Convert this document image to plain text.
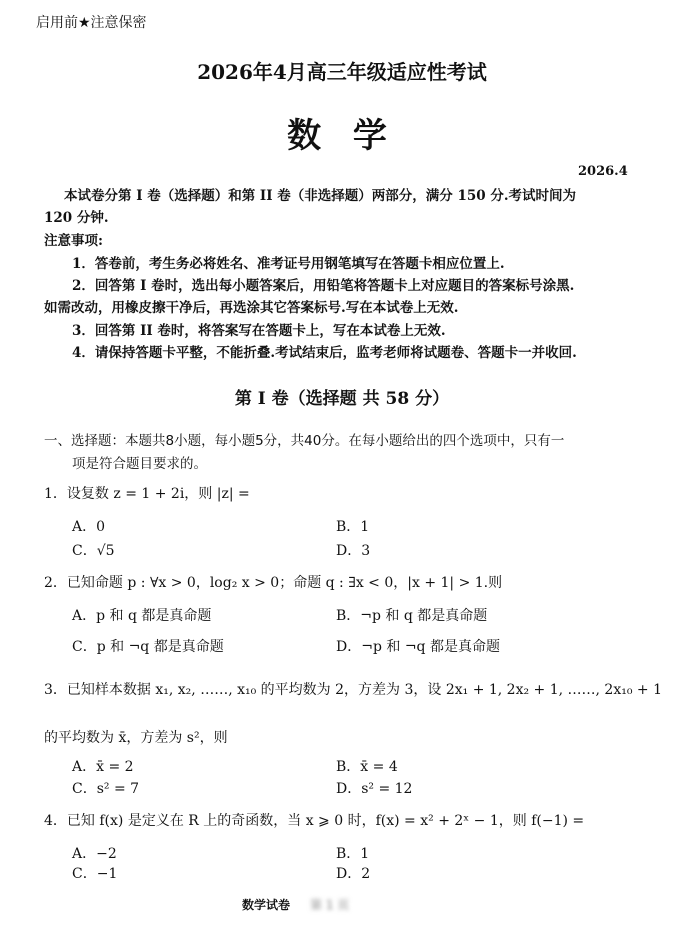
启用前★注意保密
2026年4月高三年级适应性考试
数 学
2026.4
本试卷分第 I 卷（选择题）和第 II 卷（非选择题）两部分，满分 150 分.考试时间为
120 分钟.
注意事项:
1．答卷前，考生务必将姓名、准考证号用钢笔填写在答题卡相应位置上.
2．回答第 I 卷时，选出每小题答案后，用铅笔将答题卡上对应题目的答案标号涂黑.
如需改动，用橡皮擦干净后，再选涂其它答案标号.写在本试卷上无效.
3．回答第 II 卷时，将答案写在答题卡上，写在本试卷上无效.
4．请保持答题卡平整，不能折叠.考试结束后，监考老师将试题卷、答题卡一并收回.
第 I 卷（选择题 共 58 分）
一、选择题：本题共8小题，每小题5分，共40分。在每小题给出的四个选项中，只有一
项是符合题目要求的。
1．设复数 z = 1 + 2i，则 |z| =
A．0	B．1
C．√5	D．3
2．已知命题 p : ∀x > 0，log₂ x > 0；命题 q : ∃x < 0，|x + 1| > 1.则
A．p 和 q 都是真命题	B．¬p 和 q 都是真命题
C．p 和 ¬q 都是真命题	D．¬p 和 ¬q 都是真命题
3．已知样本数据 x₁, x₂, ……, x₁₀ 的平均数为 2，方差为 3，设 2x₁ + 1, 2x₂ + 1, ……, 2x₁₀ + 1
的平均数为 x̄，方差为 s²，则
A．x̄ = 2	B．x̄ = 4
C．s² = 7	D．s² = 12
4．已知 f(x) 是定义在 R 上的奇函数，当 x ⩾ 0 时，f(x) = x² + 2ˣ − 1，则 f(−1) =
A．−2	B．1
C．−1	D．2
数学试卷 第 1 页
